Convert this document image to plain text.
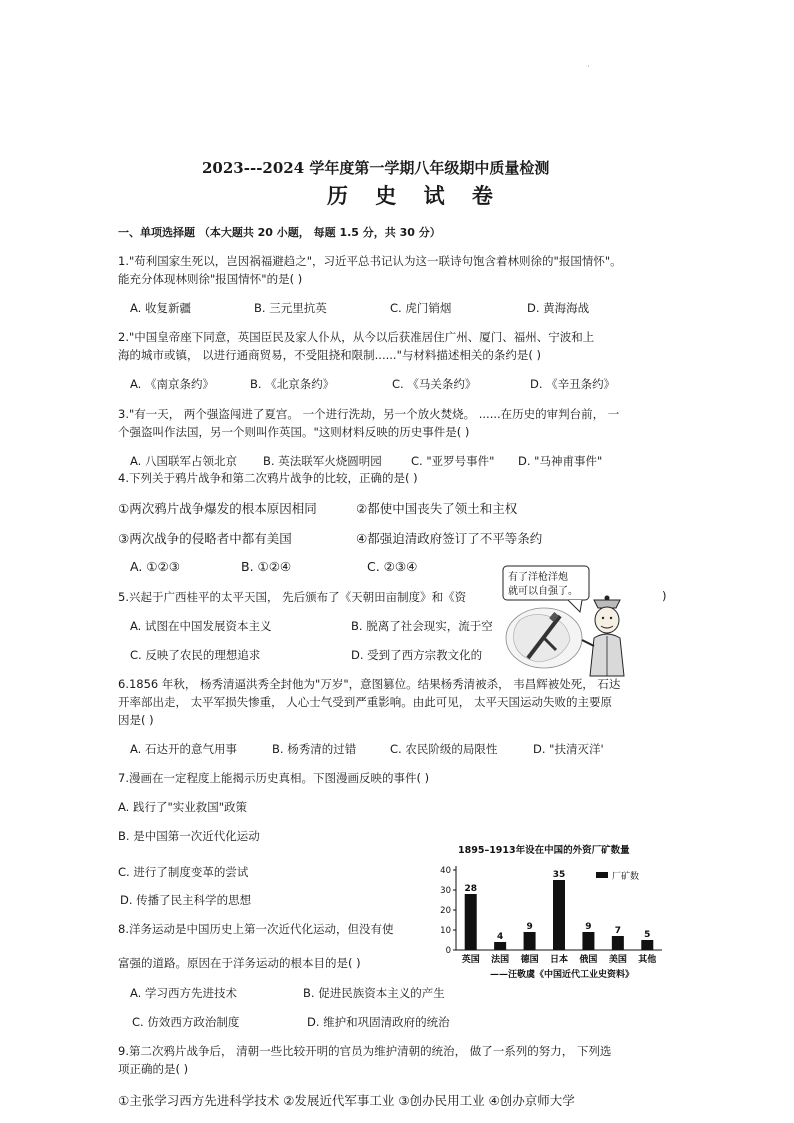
·
2023---2024 学年度第一学期八年级期中质量检测
历 史 试 卷
一、单项选择题 （本大题共 20 小题， 每题 1.5 分，共 30 分）
1."苟利国家生死以，岂因祸福避趋之"，习近平总书记认为这一联诗句饱含着林则徐的"报国情怀"。
能充分体现林则徐"报国情怀"的是( )
A. 收复新疆	B. 三元里抗英	C. 虎门销烟	D. 黄海海战
2."中国皇帝座下同意，英国臣民及家人仆从，从今以后获准居住广州、厦门、福州、宁波和上
海的城市或镇， 以进行通商贸易，不受阻挠和限制......"与材料描述相关的条约是( )
A. 《南京条约》	B. 《北京条约》	C. 《马关条约》	D. 《辛丑条约》
3."有一天， 两个强盗闯进了夏宫。 一个进行洗劫，另一个放火焚烧。 ......在历史的审判台前， 一
个强盗叫作法国，另一个则叫作英国。"这则材料反映的历史事件是( )
A. 八国联军占领北京 B. 英法联军火烧圆明园	C. "亚罗号事件" D. "马神甫事件"
4.下列关于鸦片战争和第二次鸦片战争的比较，正确的是( )
①两次鸦片战争爆发的根本原因相同	②都使中国丧失了领土和主权
③两次战争的侵略者中都有美国	④都强迫清政府签订了不平等条约
A. ①②③	B. ①②④	C. ②③④
5.兴起于广西桂平的太平天国， 先后颁布了《天朝田亩制度》和《资	)
A. 试图在中国发展资本主义	B. 脱离了社会现实，流于空
C. 反映了农民的理想追求	D. 受到了西方宗教文化的
有了洋枪洋炮
就可以自强了。
6.1856 年秋， 杨秀清逼洪秀全封他为"万岁"，意图篡位。结果杨秀清被杀， 韦昌辉被处死， 石达
开率部出走， 太平军损失惨重， 人心士气受到严重影响。由此可见， 太平天国运动失败的主要原
因是( )
A. 石达开的意气用事	B. 杨秀清的过错	C. 农民阶级的局限性	D. "扶清灭洋'
7.漫画在一定程度上能揭示历史真相。下图漫画反映的事件( )
A. 践行了"实业救国"政策
B. 是中国第一次近代化运动
C. 进行了制度变革的尝试
D. 传播了民主科学的思想
1895–1913年设在中国的外资厂矿数量
0
10
20
30
40
28
英国
4
法国
9
德国
35
日本
9
俄国
7
美国
5
其他
厂矿数
——汪敬虞《中国近代工业史资料》
8.洋务运动是中国历史上第一次近代化运动，但没有使
富强的道路。原因在于洋务运动的根本目的是( )
A. 学习西方先进技术	B. 促进民族资本主义的产生
C. 仿效西方政治制度	D. 维护和巩固清政府的统治
9.第二次鸦片战争后， 清朝一些比较开明的官员为维护清朝的统治， 做了一系列的努力， 下列选
项正确的是( )
①主张学习西方先进科学技术 ②发展近代军事工业 ③创办民用工业 ④创办京师大学
